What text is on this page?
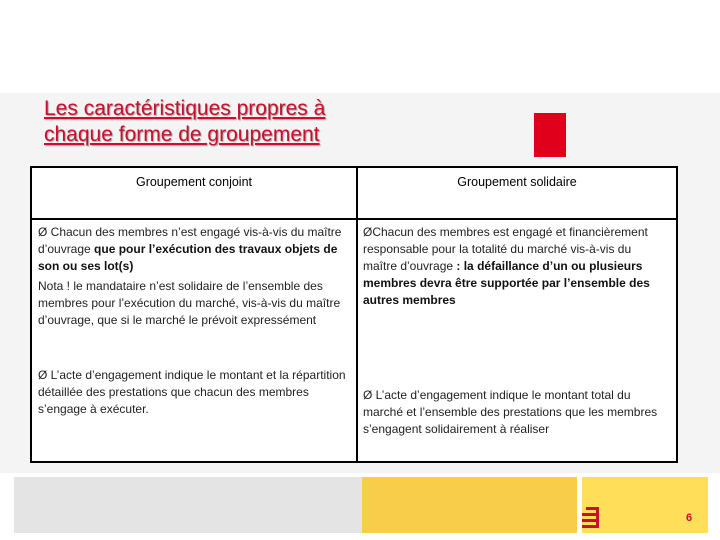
Les caractéristiques propres à
chaque forme de groupement
Groupement conjoint	Groupement solidaire
Ø Chacun des membres n’est engagé vis-à-vis du maître d’ouvrage que pour l’exécution des travaux objets de son ou ses lot(s)
Nota ! le mandataire n’est solidaire de l’ensemble des membres pour l’exécution du marché, vis-à-vis du maître d’ouvrage, que si le marché le prévoit expressément
Ø L’acte d’engagement indique le montant et la répartition détaillée des prestations que chacun des membres s’engage à exécuter.
ØChacun des membres est engagé et financièrement responsable pour la totalité du marché vis-à-vis du maître d’ouvrage : la défaillance d’un ou plusieurs membres devra être supportée par l’ensemble des autres membres
Ø L’acte d’engagement indique le montant total du marché et l’ensemble des prestations que les membres s’engagent solidairement à réaliser
6
